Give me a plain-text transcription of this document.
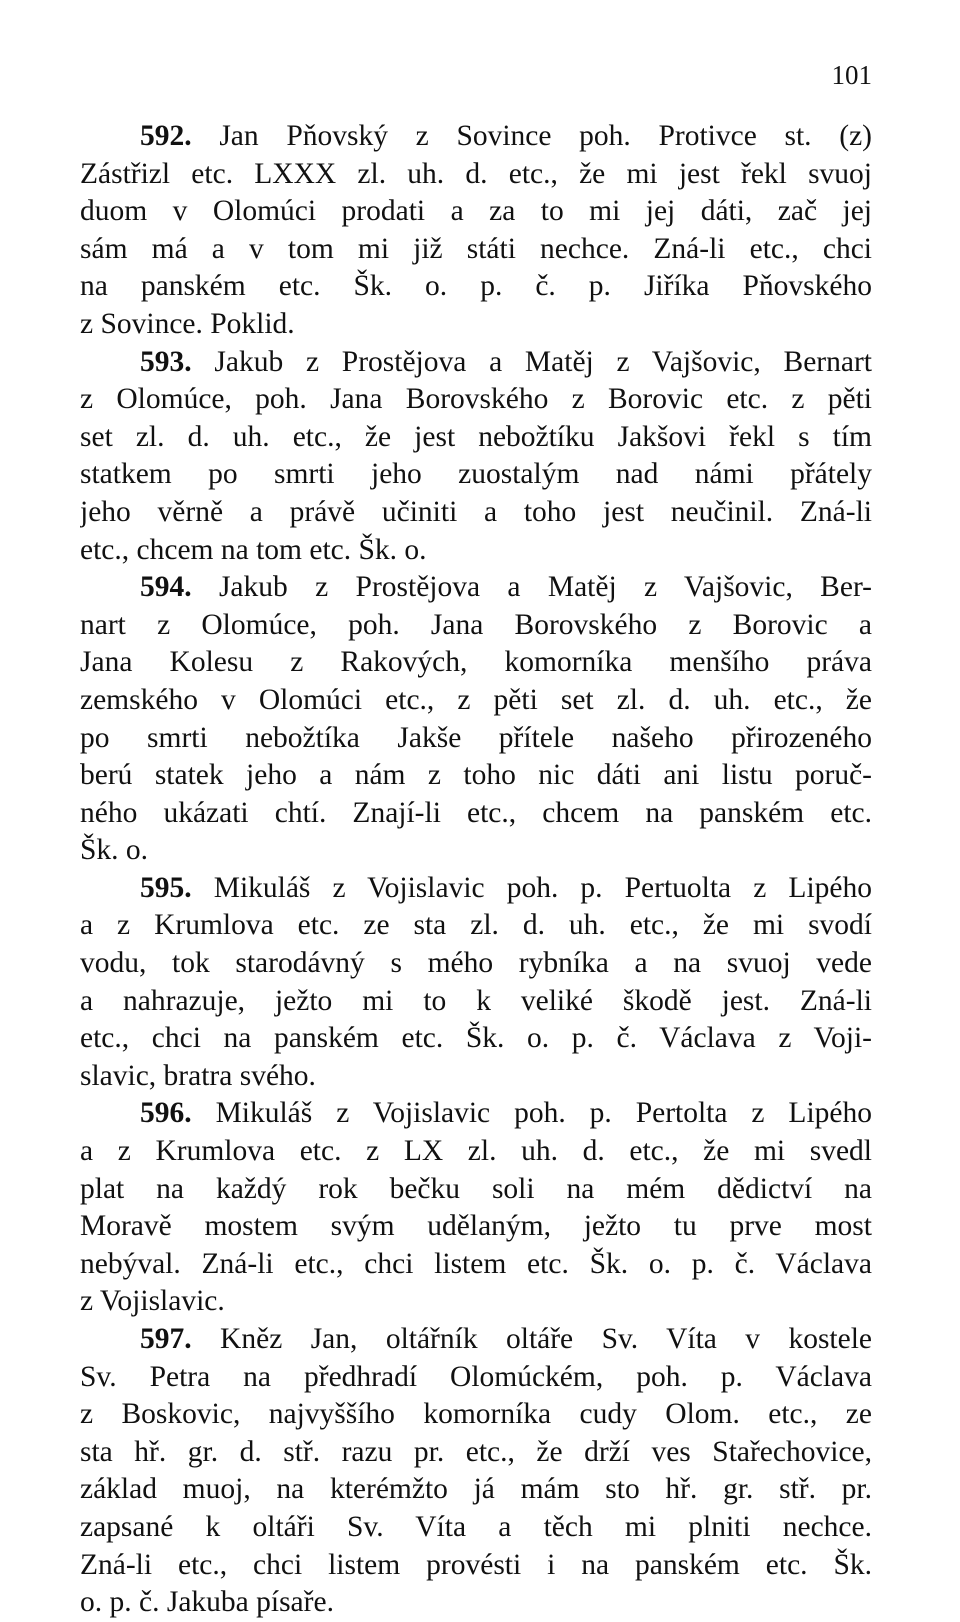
101
592. Jan Pňovský z Sovince poh. Protivce st. (z)
Zástřizl etc. LXXX zl. uh. d. etc., že mi jest řekl svuoj
duom v Olomúci prodati a za to mi jej dáti, zač jej
sám má a v tom mi již státi nechce. Zná-li etc., chci
na panském etc. Šk. o. p. č. p. Jiříka Pňovského
z Sovince. Poklid.
593. Jakub z Prostějova a Matěj z Vajšovic, Bernart
z Olomúce, poh. Jana Borovského z Borovic etc. z pěti
set zl. d. uh. etc., že jest nebožtíku Jakšovi řekl s tím
statkem po smrti jeho zuostalým nad námi přátely
jeho věrně a právě učiniti a toho jest neučinil. Zná-li
etc., chcem na tom etc. Šk. o.
594. Jakub z Prostějova a Matěj z Vajšovic, Ber-
nart z Olomúce, poh. Jana Borovského z Borovic a
Jana Kolesu z Rakových, komorníka menšího práva
zemského v Olomúci etc., z pěti set zl. d. uh. etc., že
po smrti nebožtíka Jakše přítele našeho přirozeného
berú statek jeho a nám z toho nic dáti ani listu poruč-
ného ukázati chtí. Znají-li etc., chcem na panském etc.
Šk. o.
595. Mikuláš z Vojislavic poh. p. Pertuolta z Lipého
a z Krumlova etc. ze sta zl. d. uh. etc., že mi svodí
vodu, tok starodávný s mého rybníka a na svuoj vede
a nahrazuje, ježto mi to k veliké škodě jest. Zná-li
etc., chci na panském etc. Šk. o. p. č. Václava z Voji-
slavic, bratra svého.
596. Mikuláš z Vojislavic poh. p. Pertolta z Lipého
a z Krumlova etc. z LX zl. uh. d. etc., že mi svedl
plat na každý rok bečku soli na mém dědictví na
Moravě mostem svým udělaným, ježto tu prve most
nebýval. Zná-li etc., chci listem etc. Šk. o. p. č. Václava
z Vojislavic.
597. Kněz Jan, oltářník oltáře Sv. Víta v kostele
Sv. Petra na předhradí Olomúckém, poh. p. Václava
z Boskovic, najvyššího komorníka cudy Olom. etc., ze
sta hř. gr. d. stř. razu pr. etc., že drží ves Stařechovice,
základ muoj, na kterémžto já mám sto hř. gr. stř. pr.
zapsané k oltáři Sv. Víta a těch mi plniti nechce.
Zná-li etc., chci listem provésti i na panském etc. Šk.
o. p. č. Jakuba písaře.
